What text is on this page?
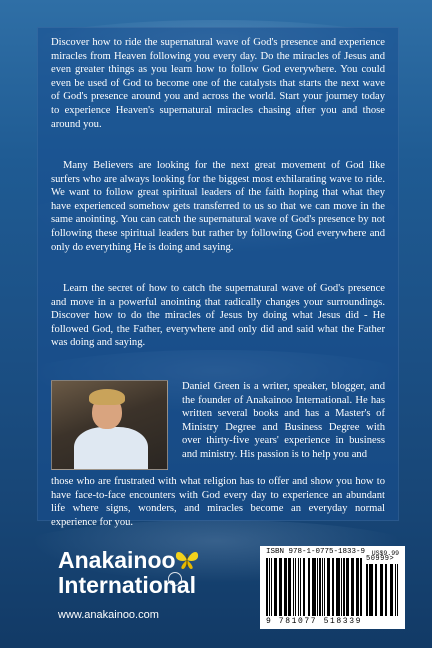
Discover how to ride the supernatural wave of God's presence and experience miracles from Heaven following you every day. Do the miracles of Jesus and even greater things as you learn how to follow God everywhere. You could even be used of God to become one of the catalysts that starts the next wave of God's presence around you and across the world. Start your journey today to experience Heaven's supernatural miracles chasing after you and those around you.

Many Believers are looking for the next great movement of God like surfers who are always looking for the biggest most exhilarating wave to ride. We want to follow great spiritual leaders of the faith hoping that what they have experienced somehow gets transferred to us so that we can move in the same anointing. You can catch the supernatural wave of God's presence by not following these spiritual leaders but rather by following God everywhere and only do everything He is doing and saying.

Learn the secret of how to catch the supernatural wave of God's presence and move in a powerful anointing that radically changes your surroundings. Discover how to do the miracles of Jesus by doing what Jesus did - He followed God, the Father, everywhere and only did and said what the Father was doing and saying.

Daniel Green is a writer, speaker, blogger, and the founder of Anakainoo International. He has written several books and has a Master's of Ministry Degree and Business Degree with over thirty-five years' experience in business and ministry. His passion is to help you and

those who are frustrated with what religion has to offer and show you how to have face-to-face encounters with God every day to experience an abundant life where signs, wonders, and miracles become an everyday normal experience for you.

Anakainoo
International
www.anakainoo.com
ISBN 978-1-0775-1833-9 US$9.99
50999>
9 781077 518339
